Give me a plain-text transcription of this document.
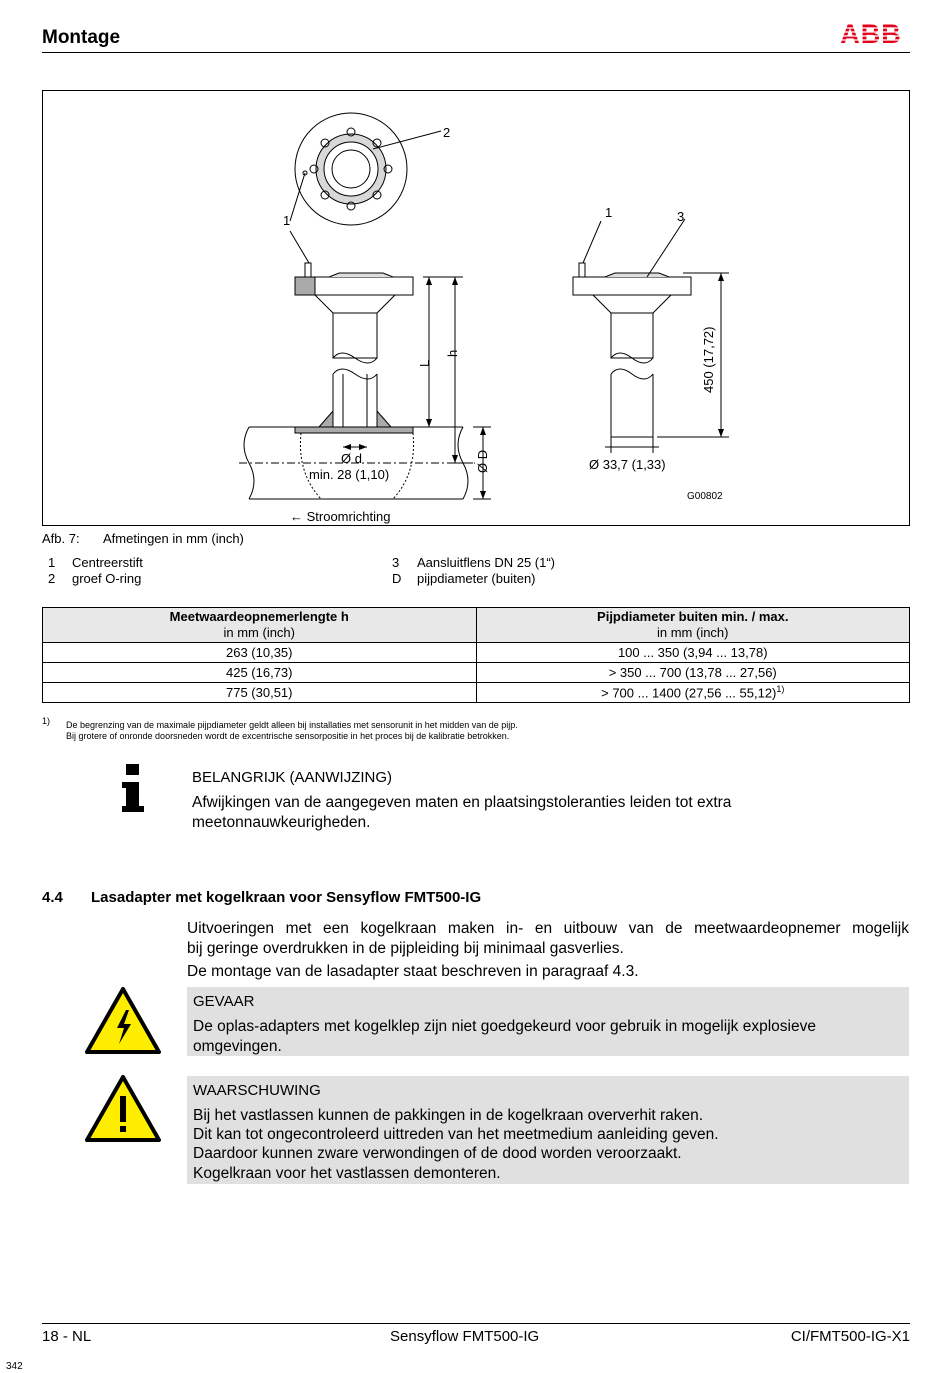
Montage	ABB
2
1
1	3
L
h
Ø d
min. 28 (1,10)
Ø D
450 (17,72)
Ø 33,7 (1,33)
G00802
← Stroomrichting
Afb. 7: Afmetingen in mm (inch)
1 Centreerstift
2 groef O-ring
3 Aansluitflens DN 25 (1“)
D pijpdiameter (buiten)
Meetwaardeopnemerlengte h
in mm (inch)	Pijpdiameter buiten min. / max.
in mm (inch)
263 (10,35)	100 ... 350 (3,94 ... 13,78)
425 (16,73)	> 350 ... 700 (13,78 ... 27,56)
775 (30,51)	> 700 ... 1400 (27,56 ... 55,12)$^{1)}$
1) De begrenzing van de maximale pijpdiameter geldt alleen bij installaties met sensorunit in het midden van de pijp.
Bij grotere of onronde doorsneden wordt de excentrische sensorpositie in het proces bij de kalibratie betrokken.
BELANGRIJK (AANWIJZING)
Afwijkingen van de aangegeven maten en plaatsingstoleranties leiden tot extra
meetonnauwkeurigheden.
4.4 Lasadapter met kogelkraan voor Sensyflow FMT500-IG
Uitvoeringen met een kogelkraan maken in- en uitbouw van de meetwaardeopnemer mogelijk
bij geringe overdrukken in de pijpleiding bij minimaal gasverlies.
De montage van de lasadapter staat beschreven in paragraaf 4.3.
GEVAAR
De oplas-adapters met kogelklep zijn niet goedgekeurd voor gebruik in mogelijk explosieve
omgevingen.
WAARSCHUWING
Bij het vastlassen kunnen de pakkingen in de kogelkraan oververhit raken.
Dit kan tot ongecontroleerd uittreden van het meetmedium aanleiding geven.
Daardoor kunnen zware verwondingen of de dood worden veroorzaakt.
Kogelkraan voor het vastlassen demonteren.
18 - NL	Sensyflow FMT500-IG	CI/FMT500-IG-X1
342
